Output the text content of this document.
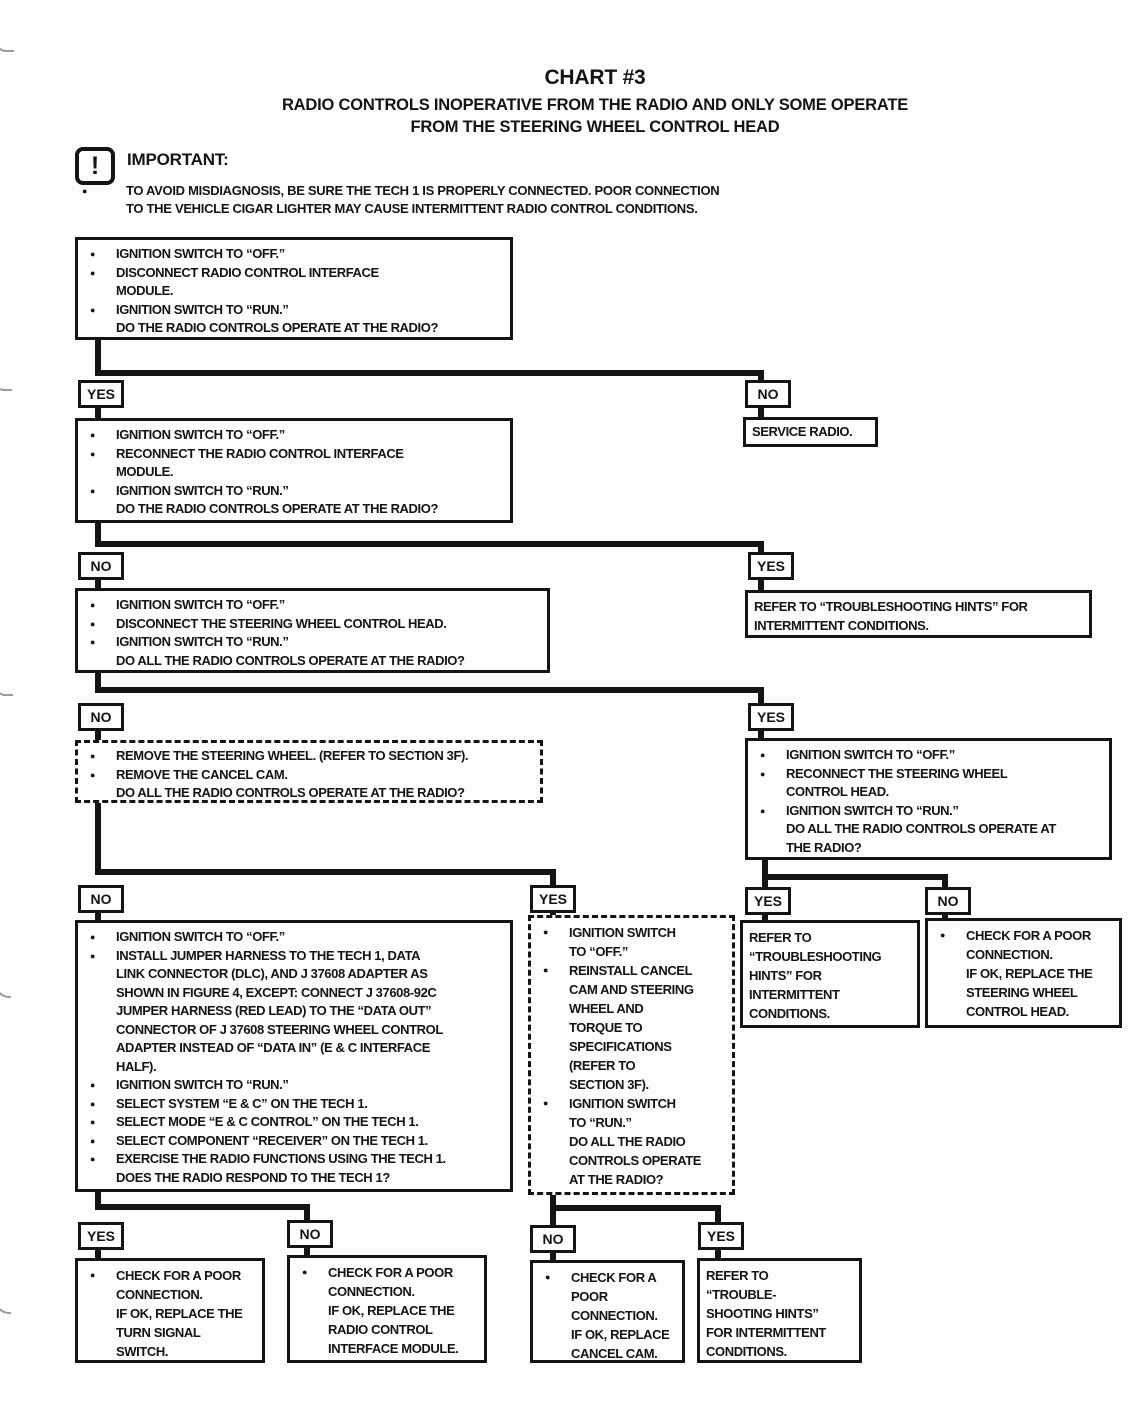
CHART #3
RADIO CONTROLS INOPERATIVE FROM THE RADIO AND ONLY SOME OPERATE
FROM THE STEERING WHEEL CONTROL HEAD
!	IMPORTANT:
●	TO AVOID MISDIAGNOSIS, BE SURE THE TECH 1 IS PROPERLY CONNECTED. POOR CONNECTION
TO THE VEHICLE CIGAR LIGHTER MAY CAUSE INTERMITTENT RADIO CONTROL CONDITIONS.
YES	NO
NO	YES
NO	YES
NO	YES	YES	NO
YES	NO	NO	YES
●	IGNITION SWITCH TO “OFF.”
●	DISCONNECT RADIO CONTROL INTERFACE
MODULE.
●	IGNITION SWITCH TO “RUN.”
DO THE RADIO CONTROLS OPERATE AT THE RADIO?
SERVICE RADIO.
●	IGNITION SWITCH TO “OFF.”
●	RECONNECT THE RADIO CONTROL INTERFACE
MODULE.
●	IGNITION SWITCH TO “RUN.”
DO THE RADIO CONTROLS OPERATE AT THE RADIO?
REFER TO “TROUBLESHOOTING HINTS” FOR
INTERMITTENT CONDITIONS.
●	IGNITION SWITCH TO “OFF.”
●	DISCONNECT THE STEERING WHEEL CONTROL HEAD.
●	IGNITION SWITCH TO “RUN.”
DO ALL THE RADIO CONTROLS OPERATE AT THE RADIO?
●	REMOVE THE STEERING WHEEL. (REFER TO SECTION 3F).
●	REMOVE THE CANCEL CAM.
DO ALL THE RADIO CONTROLS OPERATE AT THE RADIO?
●	IGNITION SWITCH TO “OFF.”
●	RECONNECT THE STEERING WHEEL
CONTROL HEAD.
●	IGNITION SWITCH TO “RUN.”
DO ALL THE RADIO CONTROLS OPERATE AT
THE RADIO?
●	IGNITION SWITCH TO “OFF.”
●	INSTALL JUMPER HARNESS TO THE TECH 1, DATA
LINK CONNECTOR (DLC), AND J 37608 ADAPTER AS
SHOWN IN FIGURE 4, EXCEPT: CONNECT J 37608-92C
JUMPER HARNESS (RED LEAD) TO THE “DATA OUT”
CONNECTOR OF J 37608 STEERING WHEEL CONTROL
ADAPTER INSTEAD OF “DATA IN” (E & C INTERFACE
HALF).
●	IGNITION SWITCH TO “RUN.”
●	SELECT SYSTEM “E & C” ON THE TECH 1.
●	SELECT MODE “E & C CONTROL” ON THE TECH 1.
●	SELECT COMPONENT “RECEIVER” ON THE TECH 1.
●	EXERCISE THE RADIO FUNCTIONS USING THE TECH 1.
DOES THE RADIO RESPOND TO THE TECH 1?
●	IGNITION SWITCH
TO “OFF.”
●	REINSTALL CANCEL
CAM AND STEERING
WHEEL AND
TORQUE TO
SPECIFICATIONS
(REFER TO
SECTION 3F).
●	IGNITION SWITCH
TO “RUN.”
DO ALL THE RADIO
CONTROLS OPERATE
AT THE RADIO?
REFER TO
“TROUBLESHOOTING
HINTS” FOR
INTERMITTENT
CONDITIONS.
●	CHECK FOR A POOR
CONNECTION.
IF OK, REPLACE THE
STEERING WHEEL
CONTROL HEAD.
●	CHECK FOR A POOR
CONNECTION.
IF OK, REPLACE THE
TURN SIGNAL
SWITCH.
●	CHECK FOR A POOR
CONNECTION.
IF OK, REPLACE THE
RADIO CONTROL
INTERFACE MODULE.
●	CHECK FOR A
POOR
CONNECTION.
IF OK, REPLACE
CANCEL CAM.
REFER TO
“TROUBLE-
SHOOTING HINTS”
FOR INTERMITTENT
CONDITIONS.
